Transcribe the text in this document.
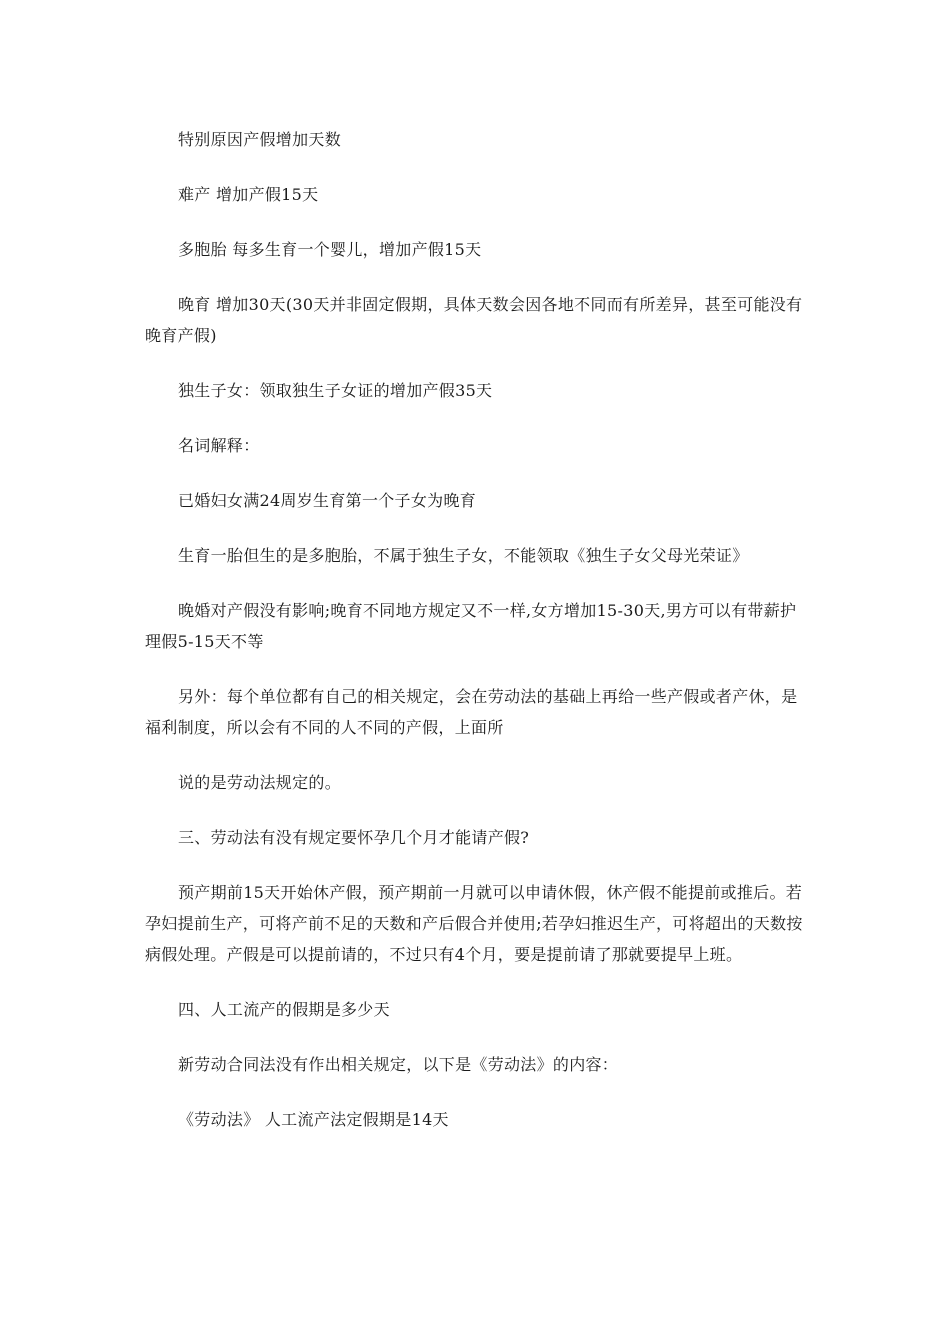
特别原因产假增加天数

难产 增加产假15天

多胞胎 每多生育一个婴儿，增加产假15天

晚育 增加30天(30天并非固定假期，具体天数会因各地不同而有所差异，甚至可能没有晚育产假)

独生子女：领取独生子女证的增加产假35天

名词解释：

已婚妇女满24周岁生育第一个子女为晚育

生育一胎但生的是多胞胎，不属于独生子女，不能领取《独生子女父母光荣证》

晚婚对产假没有影响;晚育不同地方规定又不一样,女方增加15-30天,男方可以有带薪护理假5-15天不等

另外：每个单位都有自己的相关规定，会在劳动法的基础上再给一些产假或者产休，是福利制度，所以会有不同的人不同的产假，上面所

说的是劳动法规定的。

三、劳动法有没有规定要怀孕几个月才能请产假?

预产期前15天开始休产假，预产期前一月就可以申请休假，休产假不能提前或推后。若孕妇提前生产，可将产前不足的天数和产后假合并使用;若孕妇推迟生产，可将超出的天数按病假处理。产假是可以提前请的，不过只有4个月，要是提前请了那就要提早上班。

四、人工流产的假期是多少天

新劳动合同法没有作出相关规定，以下是《劳动法》的内容：

《劳动法》 人工流产法定假期是14天
